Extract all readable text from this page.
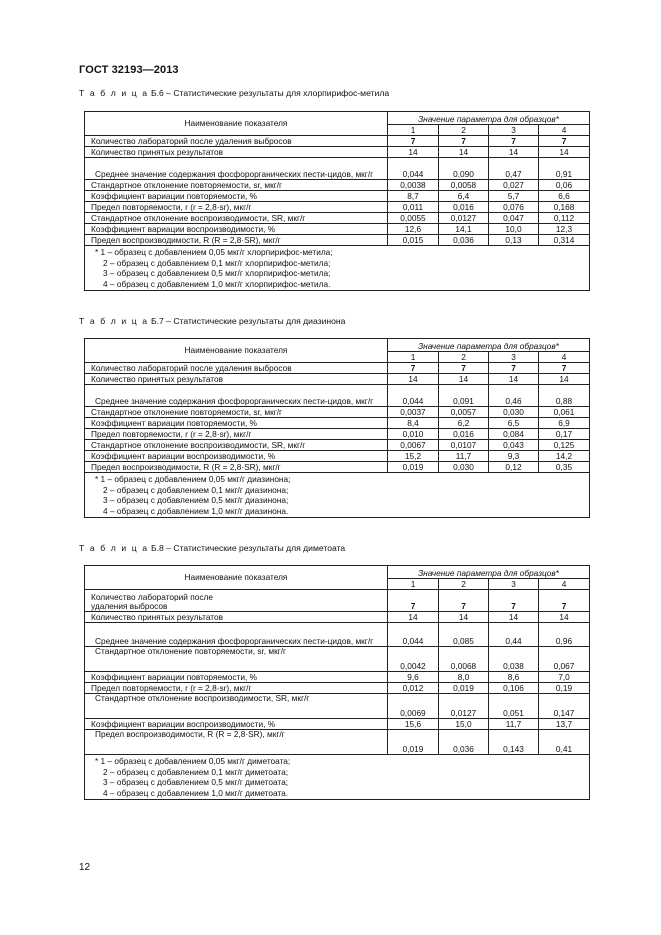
ГОСТ 32193—2013
Т а б л и ц а Б.6 – Статистические результаты для хлорпирифос-метила
Наименование показателя	Значение параметра для образцов*			
	1	2	3	4
Количество лабораторий после удаления выбросов	7	7	7	7
Количество принятых результатов	14	14	14	14
Среднее значение содержания фосфорорганических пести-цидов, мкг/г	0,044	0,090	0,47	0,91
Стандартное отклонение повторяемости, sr, мкг/г	0,0038	0,0058	0,027	0,06
Коэффициент вариации повторяемости, %	8,7	6,4	5,7	6,6
Предел повторяемости, r (r = 2,8·sr), мкг/г	0,011	0,016	0,076	0,168
Стандартное отклонение воспроизводимости, SR, мкг/г	0,0055	0,0127	0,047	0,112
Коэффициент вариации воспроизводимости, %	12,6	14,1	10,0	12,3
Предел воспроизводимости, R (R = 2,8·SR), мкг/г	0,015	0,036	0,13	0,314

* 1 – образец с добавлением 0,05 мкг/г хлорпирифос-метила;
2 – образец с добавлением 0,1 мкг/г хлорпирифос-метила;
3 – образец с добавлением 0,5 мкг/г хлорпирифос-метила;
4 – образец с добавлением 1,0 мкг/г хлорпирифос-метила.				
Т а б л и ц а Б.7 – Статистические результаты для диазинона
Наименование показателя	Значение параметра для образцов*			
	1	2	3	4
Количество лабораторий после удаления выбросов	7	7	7	7
Количество принятых результатов	14	14	14	14
Среднее значение содержания фосфорорганических пести-цидов, мкг/г	0,044	0,091	0,46	0,88
Стандартное отклонение повторяемости, sr, мкг/г	0,0037	0,0057	0,030	0,061
Коэффициент вариации повторяемости, %	8,4	6,2	6,5	6,9
Предел повторяемости, r (r = 2,8·sr), мкг/г	0,010	0,016	0,084	0,17
Стандартное отклонение воспроизводимости, SR, мкг/г	0,0067	0,0107	0,043	0,125
Коэффициент вариации воспроизводимости, %	15,2	11,7	9,3	14,2
Предел воспроизводимости, R (R = 2,8·SR), мкг/г	0,019	0,030	0,12	0,35

* 1 – образец с добавлением 0,05 мкг/г диазинона;
2 – образец с добавлением 0,1 мкг/г диазинона;
3 – образец с добавлением 0,5 мкг/г диазинона;
4 – образец с добавлением 1,0 мкг/г диазинона.				
Т а б л и ц а Б.8 – Статистические результаты для диметоата
Наименование показателя	Значение параметра для образцов*			
	1	2	3	4
Количество лабораторий после удаления выбросов	7	7	7	7
Количество принятых результатов	14	14	14	14
Среднее значение содержания фосфорорганических пести-цидов, мкг/г	0,044	0,085	0,44	0,96
Стандартное отклонение повторяемости, sr, мкг/г	0,0042	0,0068	0,038	0,067
Коэффициент вариации повторяемости, %	9,6	8,0	8,6	7,0
Предел повторяемости, r (r = 2,8·sr), мкг/г	0,012	0,019	0,106	0,19
Стандартное отклонение воспроизводимости, SR, мкг/г	0,0069	0,0127	0,051	0,147
Коэффициент вариации воспроизводимости, %	15,6	15,0	11,7	13,7
Предел воспроизводимости, R (R = 2,8·SR), мкг/г	0,019	0,036	0,143	0,41

* 1 – образец с добавлением 0,05 мкг/г диметоата;
2 – образец с добавлением 0,1 мкг/г диметоата;
3 – образец с добавлением 0,5 мкг/г диметоата;
4 – образец с добавлением 1,0 мкг/г диметоата.				
12
